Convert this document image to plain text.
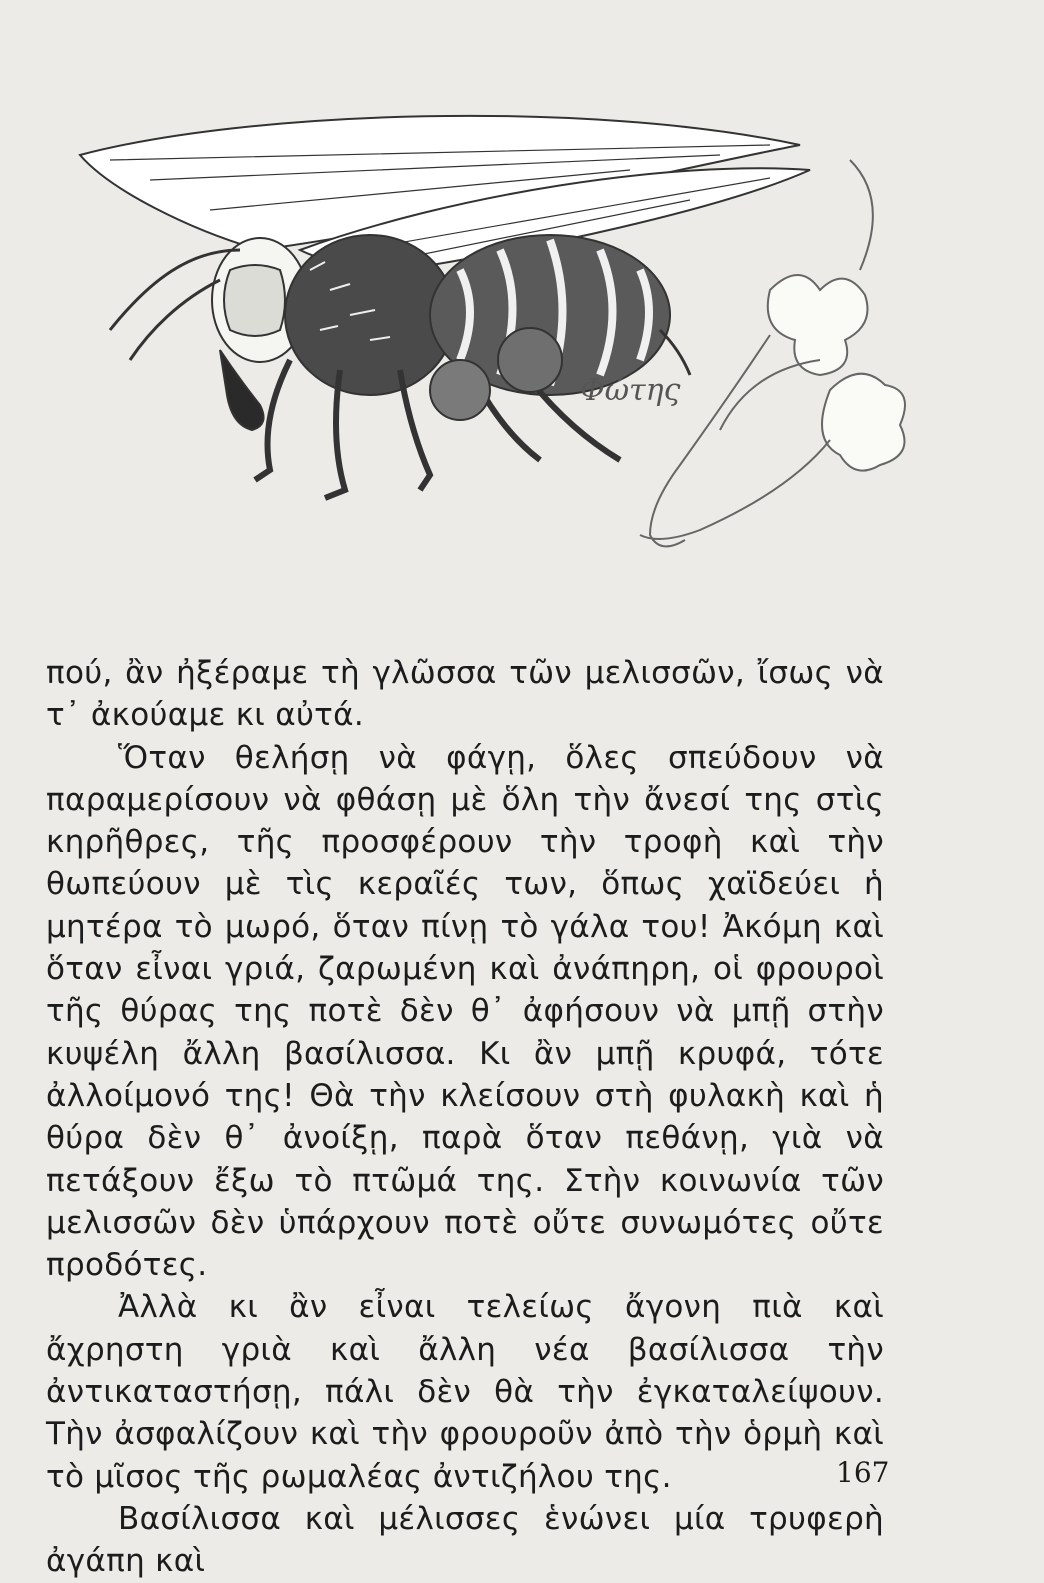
Φώτης

πού, ἂν ἠξέραμε τὴ γλῶσσα τῶν μελισσῶν, ἴσως νὰ τ᾽ ἀκούαμε κι αὐτά.

Ὅταν θελήσῃ νὰ φάγῃ, ὅλες σπεύδουν νὰ παραμερίσουν νὰ φθάσῃ μὲ ὅλη τὴν ἄνεσί της στὶς κηρῆθρες, τῆς προσφέρουν τὴν τροφὴ καὶ τὴν θωπεύουν μὲ τὶς κεραῖές των, ὅπως χαϊδεύει ἡ μητέρα τὸ μωρό, ὅταν πίνῃ τὸ γάλα του! Ἀκόμη καὶ ὅταν εἶναι γριά, ζαρωμένη καὶ ἀνάπηρη, οἱ φρουροὶ τῆς θύρας της ποτὲ δὲν θ᾽ ἀφήσουν νὰ μπῇ στὴν κυψέλη ἄλλη βασίλισσα. Κι ἂν μπῇ κρυφά, τότε ἀλλοίμονό της! Θὰ τὴν κλείσουν στὴ φυλακὴ καὶ ἡ θύρα δὲν θ᾽ ἀνοίξῃ, παρὰ ὅταν πεθάνῃ, γιὰ νὰ πετάξουν ἔξω τὸ πτῶμά της. Στὴν κοινωνία τῶν μελισσῶν δὲν ὑπάρχουν ποτὲ οὔτε συνωμότες οὔτε προδότες.

Ἀλλὰ κι ἂν εἶναι τελείως ἄγονη πιὰ καὶ ἄχρηστη γριὰ καὶ ἄλλη νέα βασίλισσα τὴν ἀντικαταστήσῃ, πάλι δὲν θὰ τὴν ἐγκαταλείψουν. Τὴν ἀσφαλίζουν καὶ τὴν φρουροῦν ἀπὸ τὴν ὁρμὴ καὶ τὸ μῖσος τῆς ρωμαλέας ἀντιζήλου της.

Βασίλισσα καὶ μέλισσες ἑνώνει μία τρυφερὴ ἀγάπη καὶ

167
